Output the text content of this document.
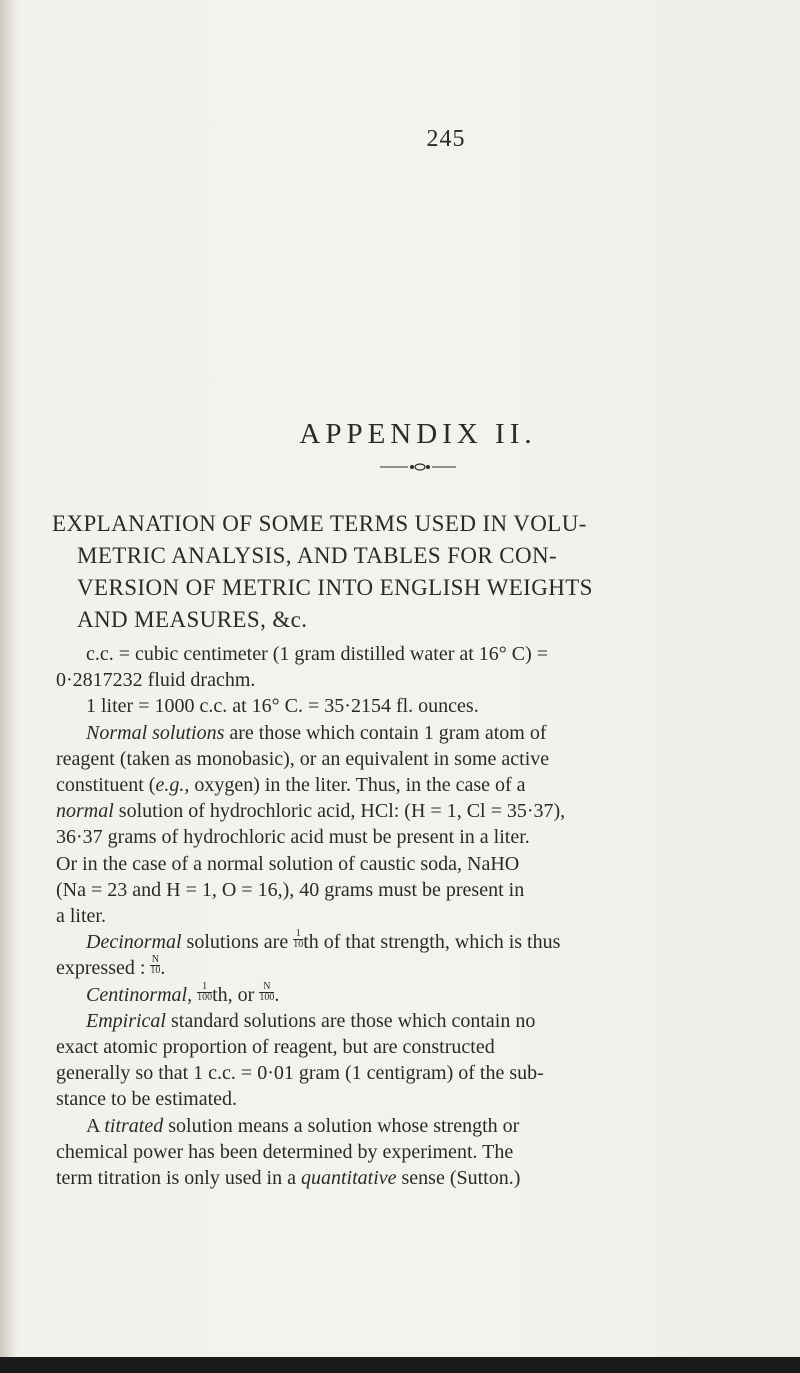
245
APPENDIX II.
EXPLANATION OF SOME TERMS USED IN VOLU-
METRIC ANALYSIS, AND TABLES FOR CON-
VERSION OF METRIC INTO ENGLISH WEIGHTS
AND MEASURES, &c.

c.c. = cubic centimeter (1 gram distilled water at 16° C) =
0·2817232 fluid drachm.

1 liter = 1000 c.c. at 16° C. = 35·2154 fl. ounces.

Normal solutions are those which contain 1 gram atom of
reagent (taken as monobasic), or an equivalent in some active
constituent (e.g., oxygen) in the liter. Thus, in the case of a
normal solution of hydrochloric acid, HCl: (H = 1, Cl = 35·37),
36·37 grams of hydrochloric acid must be present in a liter.
Or in the case of a normal solution of caustic soda, NaHO
(Na = 23 and H = 1, O = 16,), 40 grams must be present in
a liter.

Decinormal solutions are $\frac{1}{10}$ th of that strength, which is thus
expressed : $\frac{N}{10}$ .

Centinormal, $\frac{1}{100}$ th, or $\frac{N}{100}$ .

Empirical standard solutions are those which contain no
exact atomic proportion of reagent, but are constructed
generally so that 1 c.c. = 0·01 gram (1 centigram) of the sub-
stance to be estimated.

A titrated solution means a solution whose strength or
chemical power has been determined by experiment. The
term titration is only used in a quantitative sense (Sutton.)
